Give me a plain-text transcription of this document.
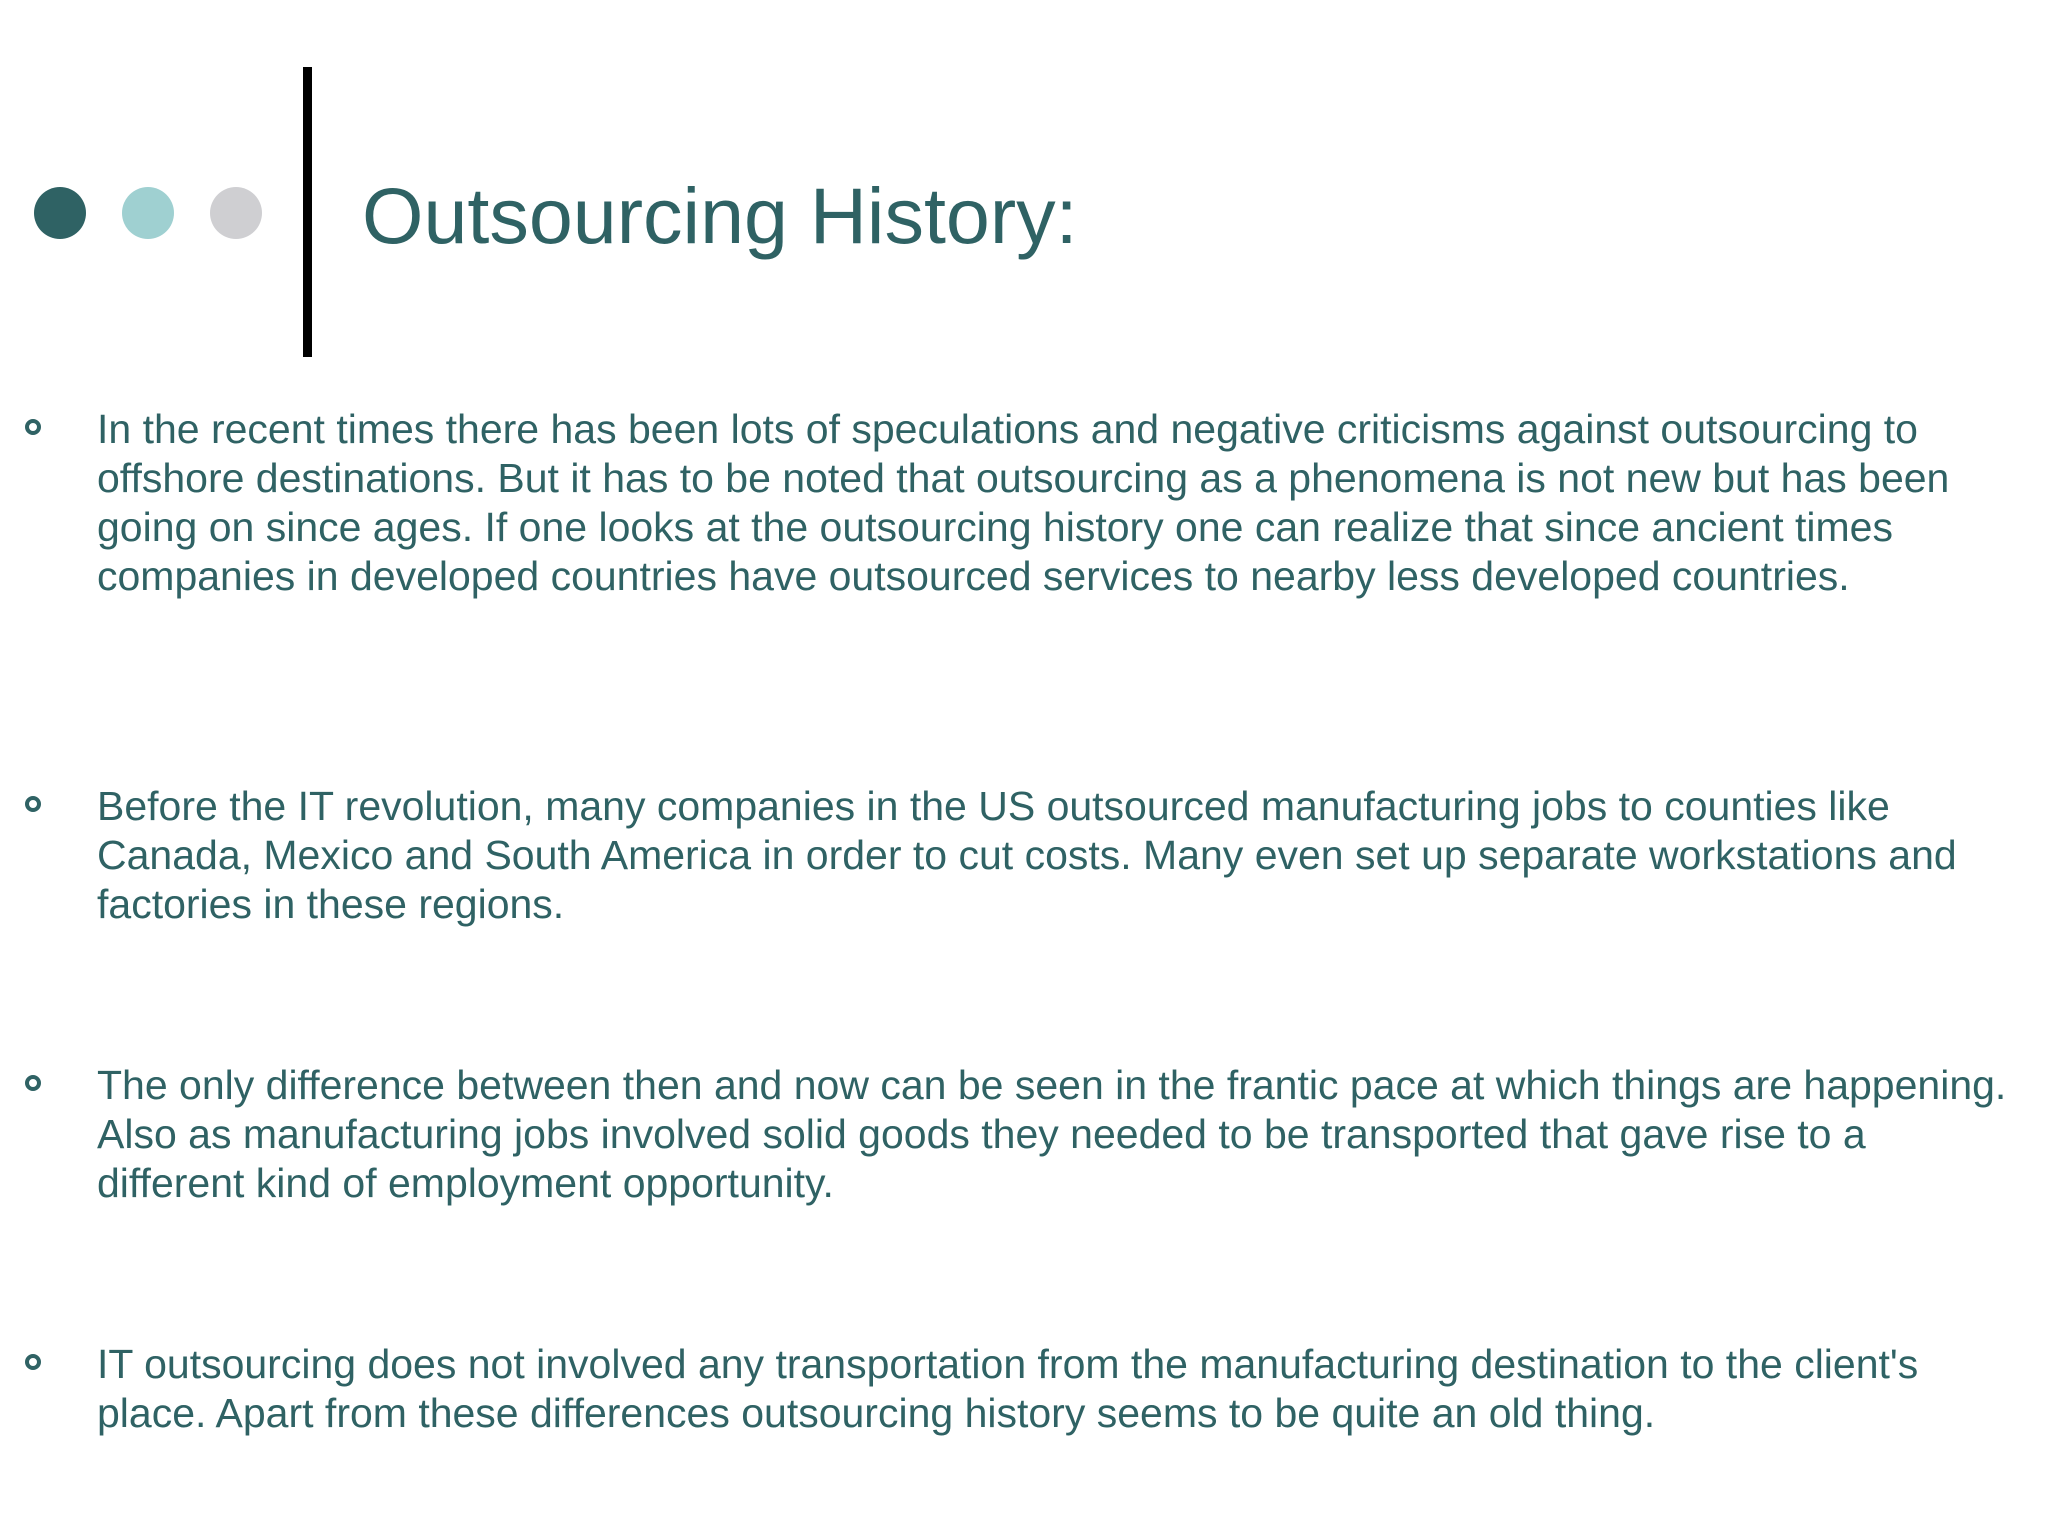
Outsourcing History:

In the recent times there has been lots of speculations and negative criticisms against outsourcing to offshore destinations. But it has to be noted that outsourcing as a phenomena is not new but has been going on since ages. If one looks at the outsourcing history one can realize that since ancient times companies in developed countries have outsourced services to nearby less developed countries.

Before the IT revolution, many companies in the US outsourced manufacturing jobs to counties like Canada, Mexico and South America in order to cut costs. Many even set up separate workstations and factories in these regions.

The only difference between then and now can be seen in the frantic pace at which things are happening. Also as manufacturing jobs involved solid goods they needed to be transported that gave rise to a different kind of employment opportunity.

IT outsourcing does not involved any transportation from the manufacturing destination to the client's place. Apart from these differences outsourcing history seems to be quite an old thing.
